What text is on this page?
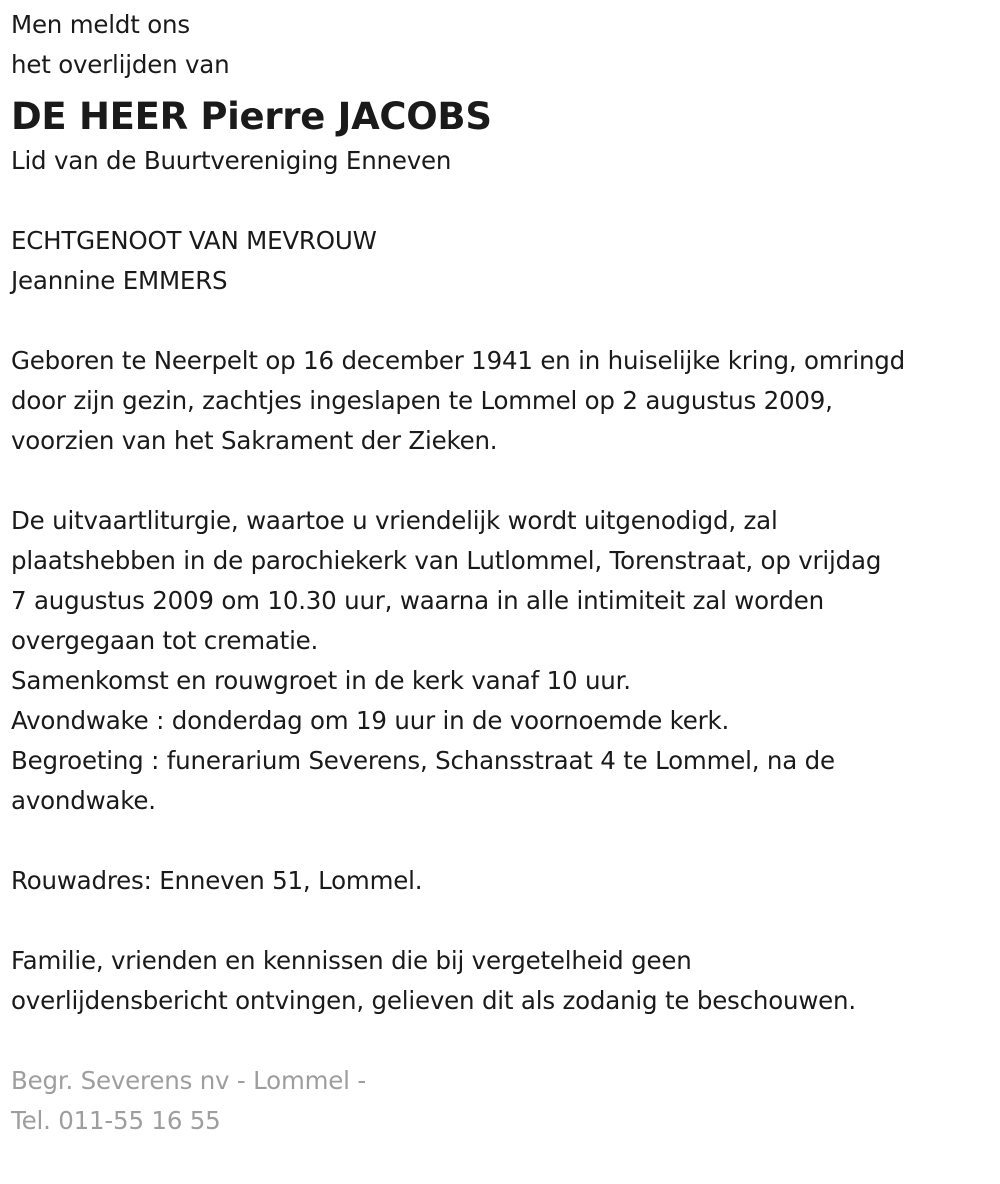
Men meldt ons
het overlijden van
DE HEER Pierre JACOBS
Lid van de Buurtvereniging Enneven
ECHTGENOOT VAN MEVROUW
Jeannine EMMERS
Geboren te Neerpelt op 16 december 1941 en in huiselijke kring, omringd
door zijn gezin, zachtjes ingeslapen te Lommel op 2 augustus 2009,
voorzien van het Sakrament der Zieken.
De uitvaartliturgie, waartoe u vriendelijk wordt uitgenodigd, zal
plaatshebben in de parochiekerk van Lutlommel, Torenstraat, op vrijdag
7 augustus 2009 om 10.30 uur, waarna in alle intimiteit zal worden
overgegaan tot crematie.
Samenkomst en rouwgroet in de kerk vanaf 10 uur.
Avondwake : donderdag om 19 uur in de voornoemde kerk.
Begroeting : funerarium Severens, Schansstraat 4 te Lommel, na de
avondwake.
Rouwadres: Enneven 51, Lommel.
Familie, vrienden en kennissen die bij vergetelheid geen
overlijdensbericht ontvingen, gelieven dit als zodanig te beschouwen.
Begr. Severens nv - Lommel -
Tel. 011-55 16 55
